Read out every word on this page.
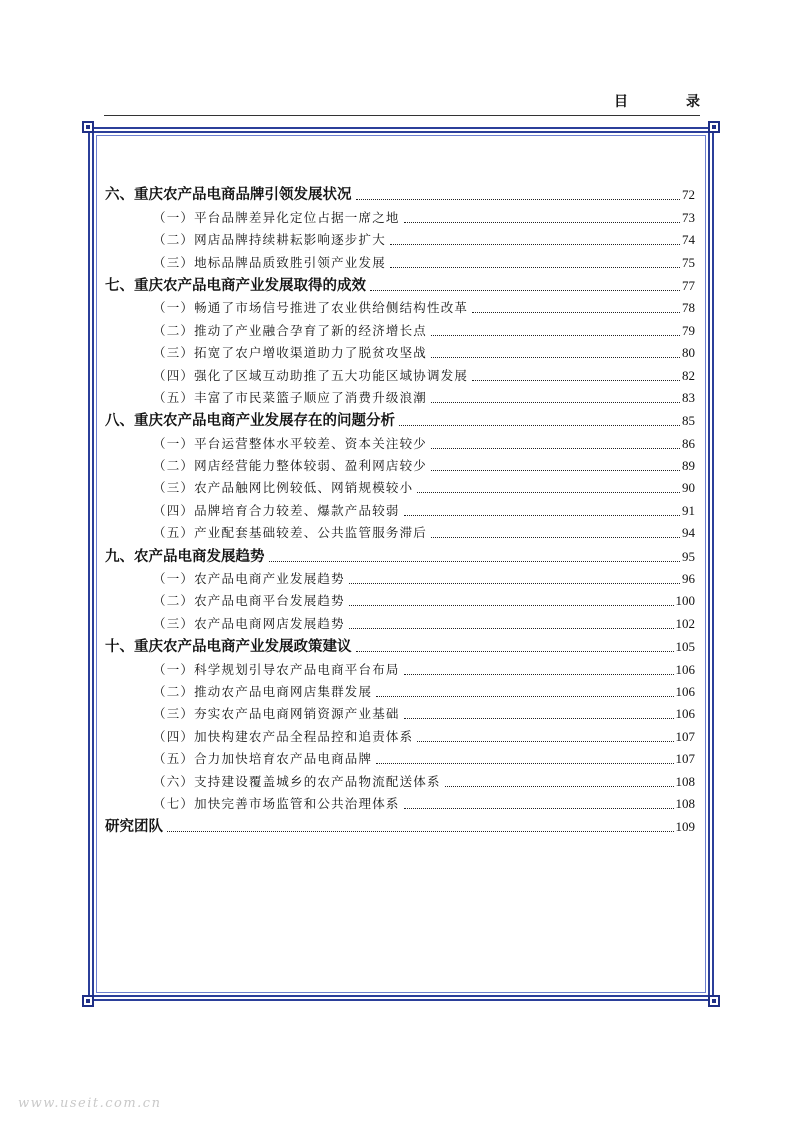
目	录
六、重庆农产品电商品牌引领发展状况	72
（一）平台品牌差异化定位占据一席之地	73
（二）网店品牌持续耕耘影响逐步扩大	74
（三）地标品牌品质致胜引领产业发展	75
七、重庆农产品电商产业发展取得的成效	77
（一）畅通了市场信号推进了农业供给侧结构性改革	78
（二）推动了产业融合孕育了新的经济增长点	79
（三）拓宽了农户增收渠道助力了脱贫攻坚战	80
（四）强化了区域互动助推了五大功能区域协调发展	82
（五）丰富了市民菜篮子顺应了消费升级浪潮	83
八、重庆农产品电商产业发展存在的问题分析	85
（一）平台运营整体水平较差、资本关注较少	86
（二）网店经营能力整体较弱、盈利网店较少	89
（三）农产品触网比例较低、网销规模较小	90
（四）品牌培育合力较差、爆款产品较弱	91
（五）产业配套基础较差、公共监管服务滞后	94
九、农产品电商发展趋势	95
（一）农产品电商产业发展趋势	96
（二）农产品电商平台发展趋势	100
（三）农产品电商网店发展趋势	102
十、重庆农产品电商产业发展政策建议	105
（一）科学规划引导农产品电商平台布局	106
（二）推动农产品电商网店集群发展	106
（三）夯实农产品电商网销资源产业基础	106
（四）加快构建农产品全程品控和追责体系	107
（五）合力加快培育农产品电商品牌	107
（六）支持建设覆盖城乡的农产品物流配送体系	108
（七）加快完善市场监管和公共治理体系	108
研究团队	109
www.useit.com.cn
